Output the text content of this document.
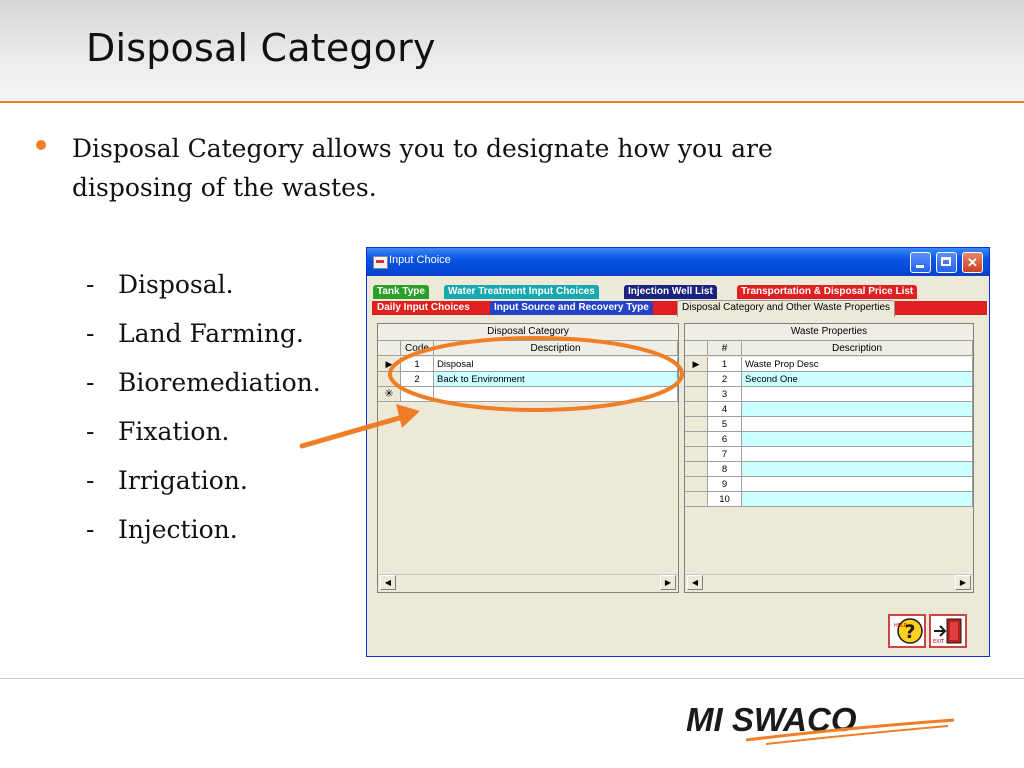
Disposal Category
Disposal Category allows you to designate how you are disposing of the wastes.
- Disposal.
- Land Farming.
- Bioremediation.
- Fixation.
- Irrigation.
- Injection.
Input Choice	✕
Tank Type	Water Treatment Input Choices	Injection Well List	Transportation & Disposal Price List
Daily Input Choices	Input Source and Recovery Type	Disposal Category and Other Waste Properties
Disposal Category
Code	Description
▶	1	Disposal
2	Back to Environment
✳
◀	▶
Waste Properties
#	Description
▶	1	Waste Prop Desc
2	Second One
3
4
5
6
7
8
9
10
◀	▶
?
HELP
EXIT
MI SWACO
